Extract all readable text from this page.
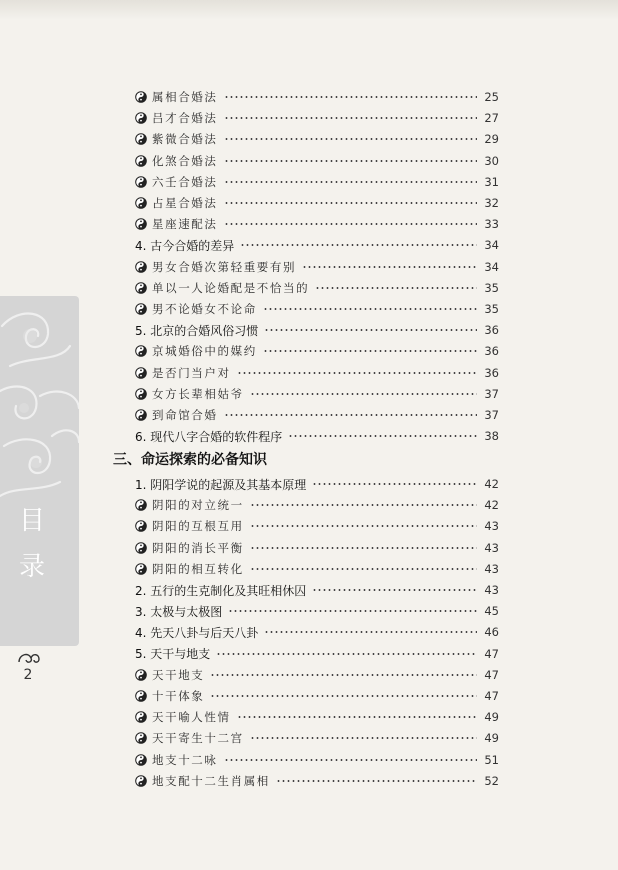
目
录
2
属相合婚法	25
吕才合婚法	27
紫微合婚法	29
化煞合婚法	30
六壬合婚法	31
占星合婚法	32
星座速配法	33
4. 古今合婚的差异	34
男女合婚次第轻重要有别	34
单以一人论婚配是不恰当的	35
男不论婚女不论命	35
5. 北京的合婚风俗习惯	36
京城婚俗中的媒约	36
是否门当户对	36
女方长辈相姑爷	37
到命馆合婚	37
6. 现代八字合婚的软件程序	38
三、命运探索的必备知识
1. 阴阳学说的起源及其基本原理	42
阴阳的对立统一	42
阴阳的互根互用	43
阴阳的消长平衡	43
阴阳的相互转化	43
2. 五行的生克制化及其旺相休囚	43
3. 太极与太极图	45
4. 先天八卦与后天八卦	46
5. 天干与地支	47
天干地支	47
十干体象	47
天干喻人性情	49
天干寄生十二宫	49
地支十二咏	51
地支配十二生肖属相	52
